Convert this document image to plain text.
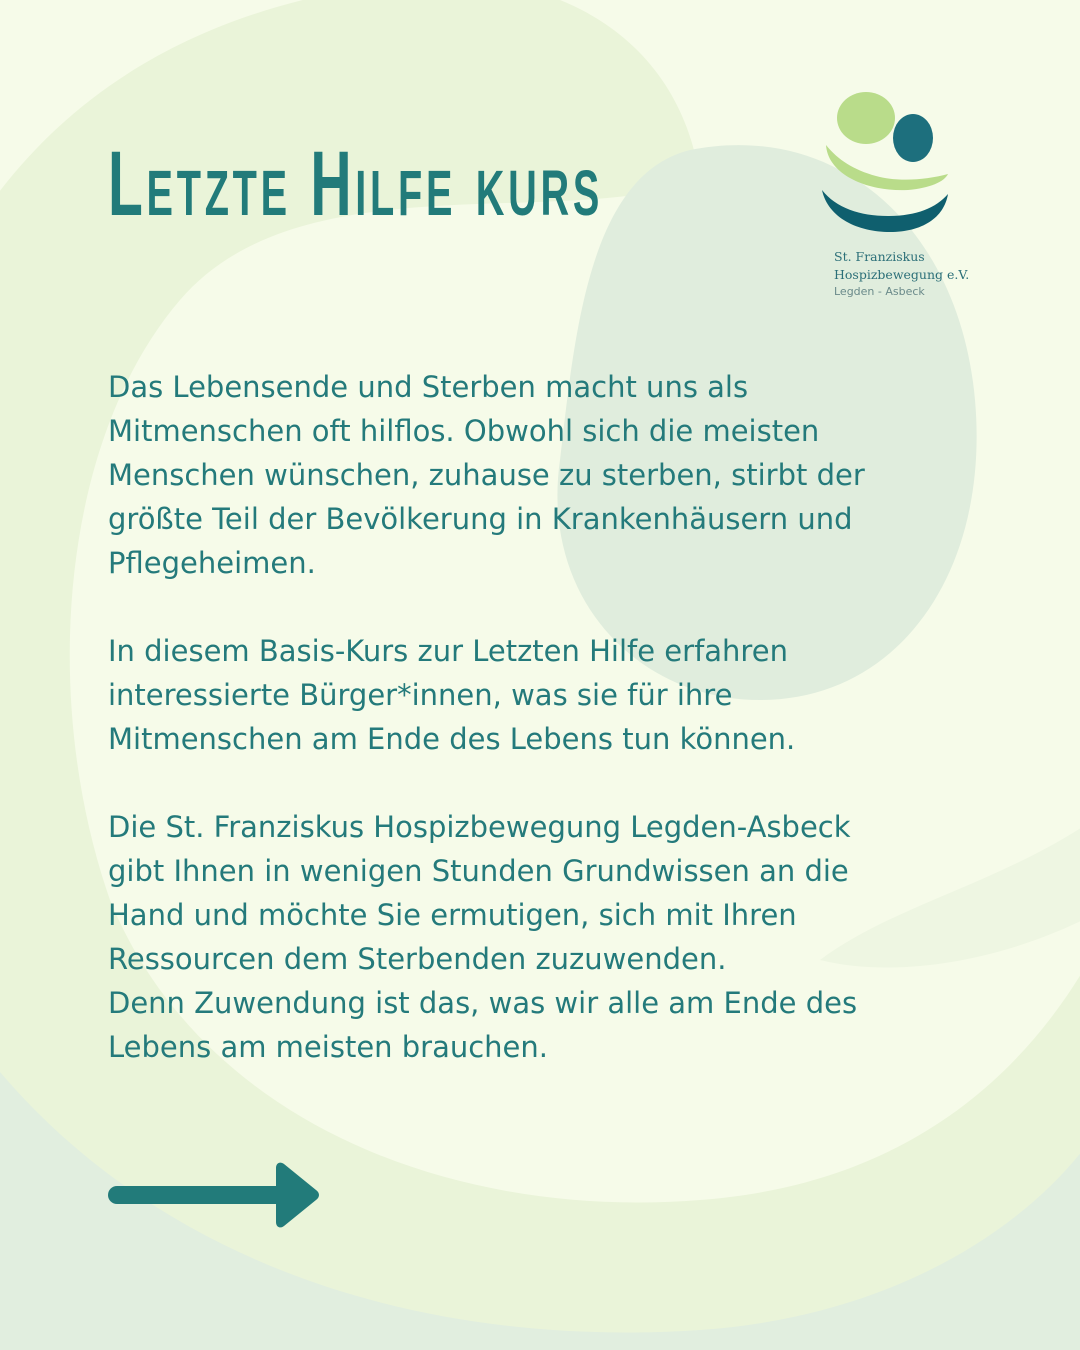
Letzte Hilfe kurs
St. Franziskus
Hospizbewegung e.V.
Legden - Asbeck

Das Lebensende und Sterben macht uns als
Mitmenschen oft hilflos. Obwohl sich die meisten
Menschen wünschen, zuhause zu sterben, stirbt der
größte Teil der Bevölkerung in Krankenhäusern und
Pflegeheimen.

In diesem Basis-Kurs zur Letzten Hilfe erfahren
interessierte Bürger*innen, was sie für ihre
Mitmenschen am Ende des Lebens tun können.

Die St. Franziskus Hospizbewegung Legden-Asbeck
gibt Ihnen in wenigen Stunden Grundwissen an die
Hand und möchte Sie ermutigen, sich mit Ihren
Ressourcen dem Sterbenden zuzuwenden.
Denn Zuwendung ist das, was wir alle am Ende des
Lebens am meisten brauchen.
